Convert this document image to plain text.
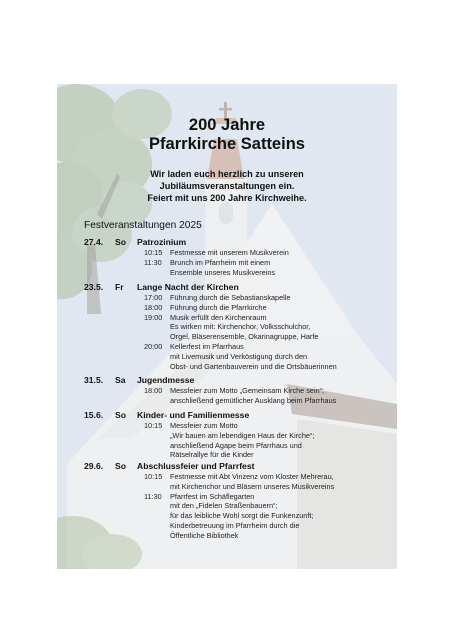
200 Jahre
Pfarrkirche Satteins
Wir laden euch herzlich zu unseren
Jubiläumsveranstaltungen ein.
Feiert mit uns 200 Jahre Kirchweihe.
Festveranstaltungen 2025
27.4. So Patrozinium
10:15 Festmesse mit unserem Musikverein
11:30 Brunch im Pfarrheim mit einem
Ensemble unseres Musikvereins
23.5. Fr Lange Nacht der Kirchen
17:00 Führung durch die Sebastianskapelle
18:00 Führung durch die Pfarrkirche
19:00 Musik erfüllt den Kirchenraum
Es wirken mit: Kirchenchor, Volksschulchor,
Orgel, Bläserensemble, Okarinagruppe, Harfe
20:00 Kellerfest im Pfarrhaus
mit Livemusik und Verköstigung durch den
Obst- und Gartenbauverein und die Ortsbäuerinnen
31.5. Sa Jugendmesse
18:00 Messfeier zum Motto „Gemeinsam Kirche sein“;
anschließend gemütlicher Ausklang beim Pfarrhaus
15.6. So Kinder- und Familienmesse
10:15 Messfeier zum Motto
„Wir bauen am lebendigen Haus der Kirche“;
anschließend Agape beim Pfarrhaus und
Rätselrallye für die Kinder
29.6. So Abschlussfeier und Pfarrfest
10:15 Festmesse mit Abt Vinzenz vom Kloster Mehrerau,
mit Kirchenchor und Bläsern unseres Musikvereins
11:30 Pfarrfest im Schäflegarten
mit den „Fidelen Straßenbauern“;
für das leibliche Wohl sorgt die Funkenzunft;
Kinderbetreuung im Pfarrheim durch die
Öffentliche Bibliothek
